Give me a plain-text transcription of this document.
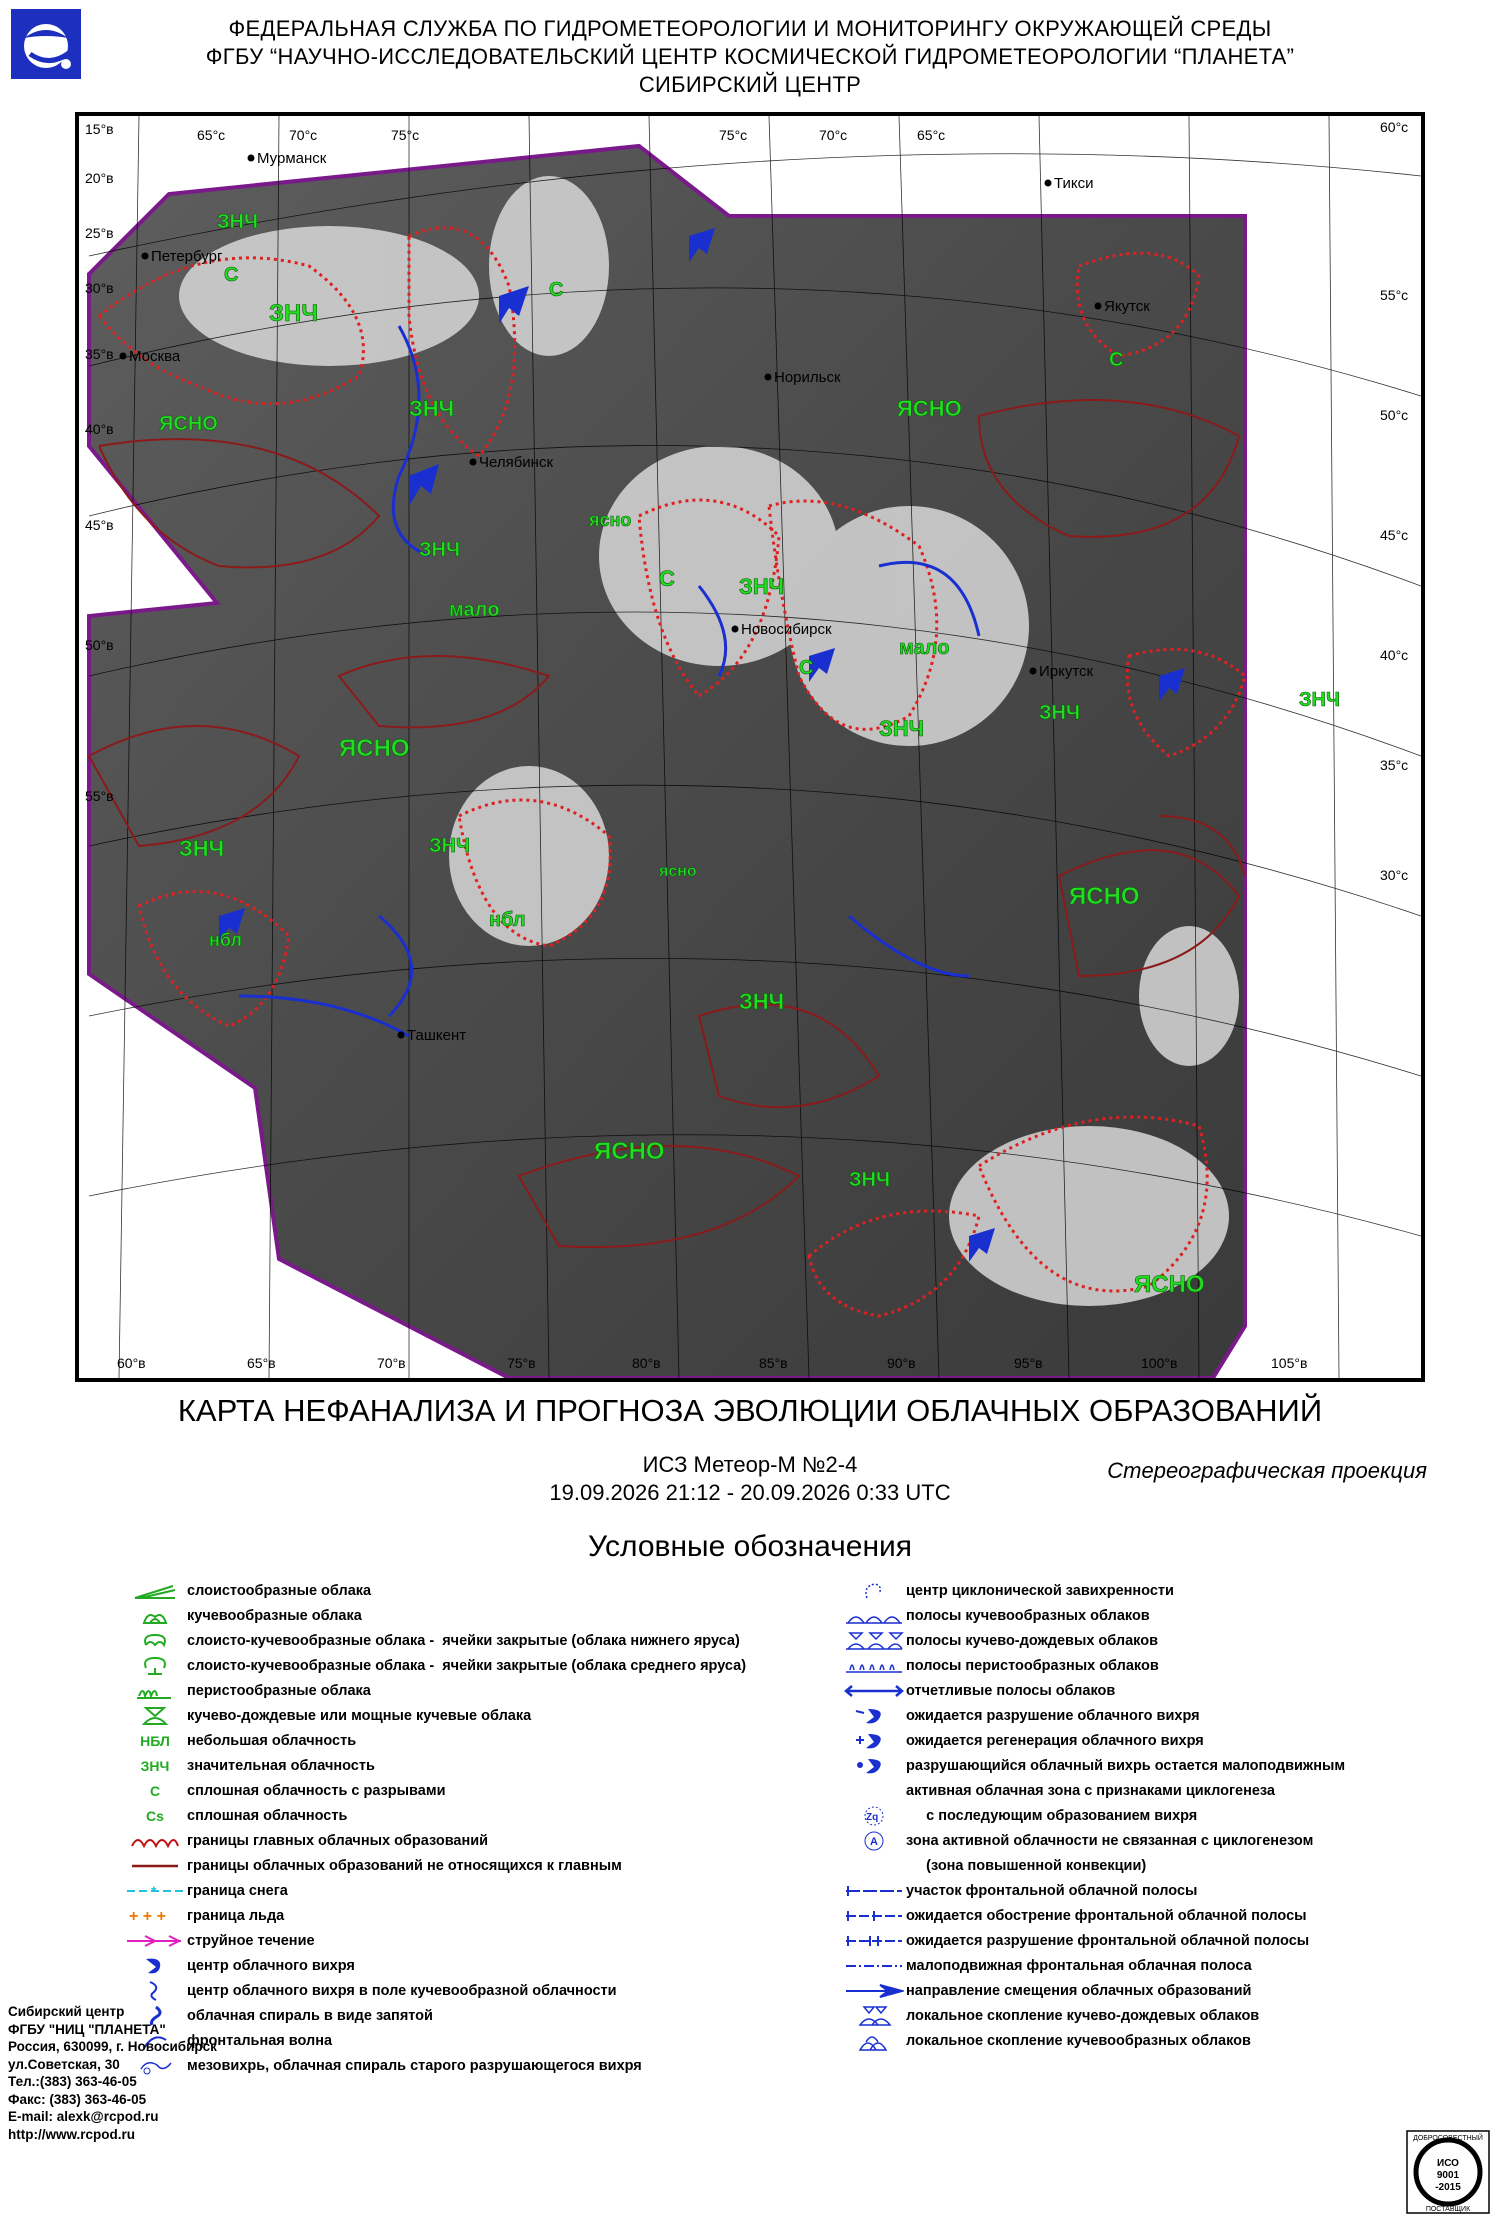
ФЕДЕРАЛЬНАЯ СЛУЖБА ПО ГИДРОМЕТЕОРОЛОГИИ И МОНИТОРИНГУ ОКРУЖАЮЩЕЙ СРЕДЫ
ФГБУ “НАУЧНО-ИССЛЕДОВАТЕЛЬСКИЙ ЦЕНТР КОСМИЧЕСКОЙ ГИДРОМЕТЕОРОЛОГИИ “ПЛАНЕТА”
СИБИРСКИЙ ЦЕНТР
65°с	70°с	75°с	75°с	70°с	65°с
15°в
20°в
25°в
30°в
35°в
40°в
45°в
50°в
55°в
60°с
55°с
50°с
45°с
40°с
35°с
30°с
60°в	65°в	70°в	75°в	80°в	85°в	90°в	95°в	100°в	105°в
Мурманск
Петербург
Москва
Челябинск
Новосибирск
Норильск
Тикси
Якутск
Иркутск
Ташкент
ЗНЧ
ЯСНО
ЯСНО
ЯСНО
ЯСНО
ЯСНО
ЯСНО
ЗНЧ
ЗНЧ
ЗНЧ
ЗНЧ
ЗНЧ
ЗНЧ
ЗНЧ
ЗНЧ
ЗНЧ
ЗНЧ
малo
малo
С
С
С
С
С
нбл
нбл
ясно
ясно
ЗНЧ
КАРТА НЕФАНАЛИЗА И ПРОГНОЗА ЭВОЛЮЦИИ ОБЛАЧНЫХ ОБРАЗОВАНИЙ
ИСЗ Метеор-М №2-4
19.09.2026 21:12 - 20.09.2026 0:33 UTC
Стереографическая проекция
Условные обозначения
слоистообразные облака
кучевообразные облака
слоисто-кучевообразные облака -  ячейки закрытые (облака нижнего яруса)
слоисто-кучевообразные облака -  ячейки закрытые (облака среднего яруса)
перистообразные облака
кучево-дождевые или мощные кучевые облака
НБЛ небольшая облачность
ЗНЧ значительная облачность
С сплошная облачность с разрывами
Сs сплошная облачность
границы главных облачных образований
границы облачных образований не относящихся к главным
* граница снега
+ + + граница льда
струйное течение
центр облачного вихря
центр облачного вихря в поле кучевообразной облачности
облачная спираль в виде запятой
фронтальная волна
мезовихрь, облачная спираль старого разрушающегося вихря
центр циклонической завихренности
полосы кучевообразных облаков
полосы кучево-дождевых облаков
полосы перистообразных облаков
отчетливые полосы облаков
ожидается разрушение облачного вихря
ожидается регенерация облачного вихря
разрушающийся облачный вихрь остается малоподвижным
активная облачная зона с признаками циклогенеза
Zq с последующим образованием вихря
A зона активной облачности не связанная с циклогенезом
(зона повышенной конвекции)
участок фронтальной облачной полосы
ожидается обострение фронтальной облачной полосы
ожидается разрушение фронтальной облачной полосы
малоподвижная фронтальная облачная полоса
направление смещения облачных образований
локальное скопление кучево-дождевых облаков
локальное скопление кучевообразных облаков
Сибирский центр
ФГБУ "НИЦ "ПЛАНЕТА"
Россия, 630099, г. Новосибирск
ул.Советская, 30
Тел.:(383) 363-46-05
Факс: (383) 363-46-05
E-mail: alexk@rcpod.ru
http://www.rcpod.ru	ДОБРОСОВЕСТНЫЙ
ИСО
9001
-2015
ПОСТАВЩИК
